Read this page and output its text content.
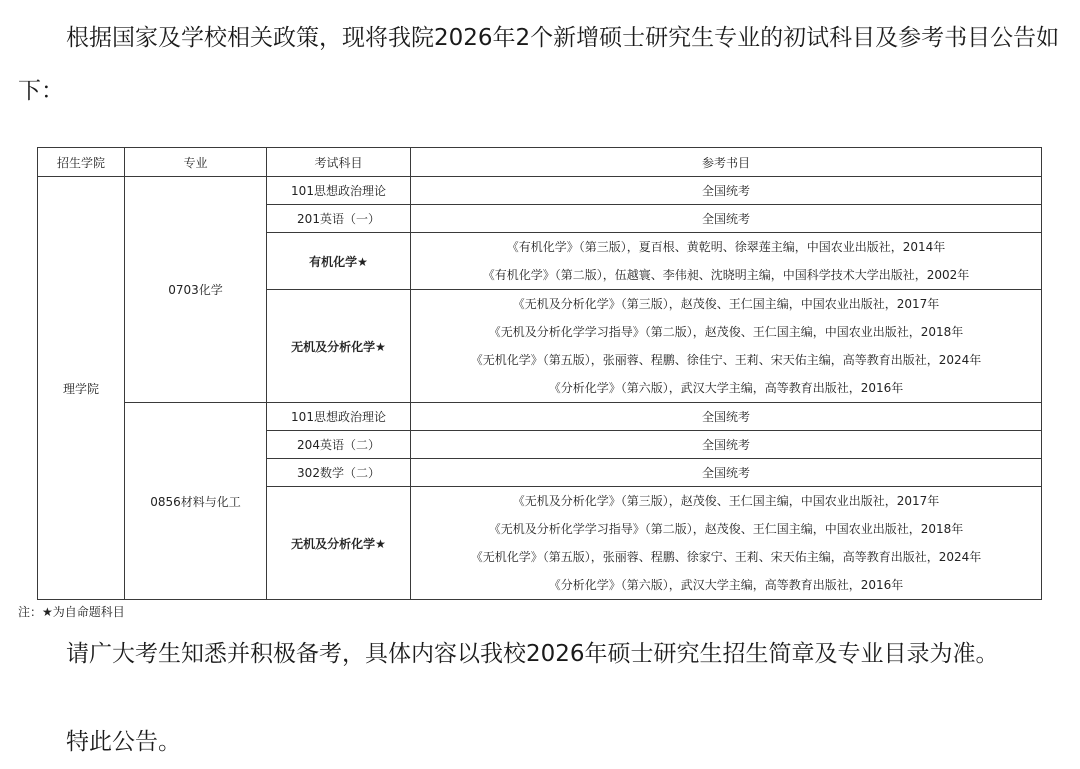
根据国家及学校相关政策，现将我院2026年2个新增硕士研究生专业的初试科目及参考书目公告如下：

招生学院	专业	考试科目	参考书目
理学院	0703化学	101思想政治理论	全国统考
		201英语（一）	全国统考
		有机化学★	《有机化学》（第三版），夏百根、黄乾明、徐翠莲主编，中国农业出版社，2014年
《有机化学》（第二版），伍越寰、李伟昶、沈晓明主编，中国科学技术大学出版社，2002年

		无机及分析化学★	《无机及分析化学》（第三版），赵茂俊、王仁国主编，中国农业出版社，2017年
《无机及分析化学学习指导》（第二版），赵茂俊、王仁国主编，中国农业出版社，2018年
《无机化学》（第五版），张丽蓉、程鹏、徐佳宁、王莉、宋天佑主编，高等教育出版社，2024年
《分析化学》（第六版），武汉大学主编，高等教育出版社，2016年

	0856材料与化工	101思想政治理论	全国统考
		204英语（二）	全国统考
		302数学（二）	全国统考
		无机及分析化学★	《无机及分析化学》（第三版），赵茂俊、王仁国主编，中国农业出版社，2017年
《无机及分析化学学习指导》（第二版），赵茂俊、王仁国主编，中国农业出版社，2018年
《无机化学》（第五版），张丽蓉、程鹏、徐家宁、王莉、宋天佑主编，高等教育出版社，2024年
《分析化学》（第六版），武汉大学主编，高等教育出版社，2016年
注：★为自命题科目

请广大考生知悉并积极备考，具体内容以我校2026年硕士研究生招生简章及专业目录为准。

特此公告。
